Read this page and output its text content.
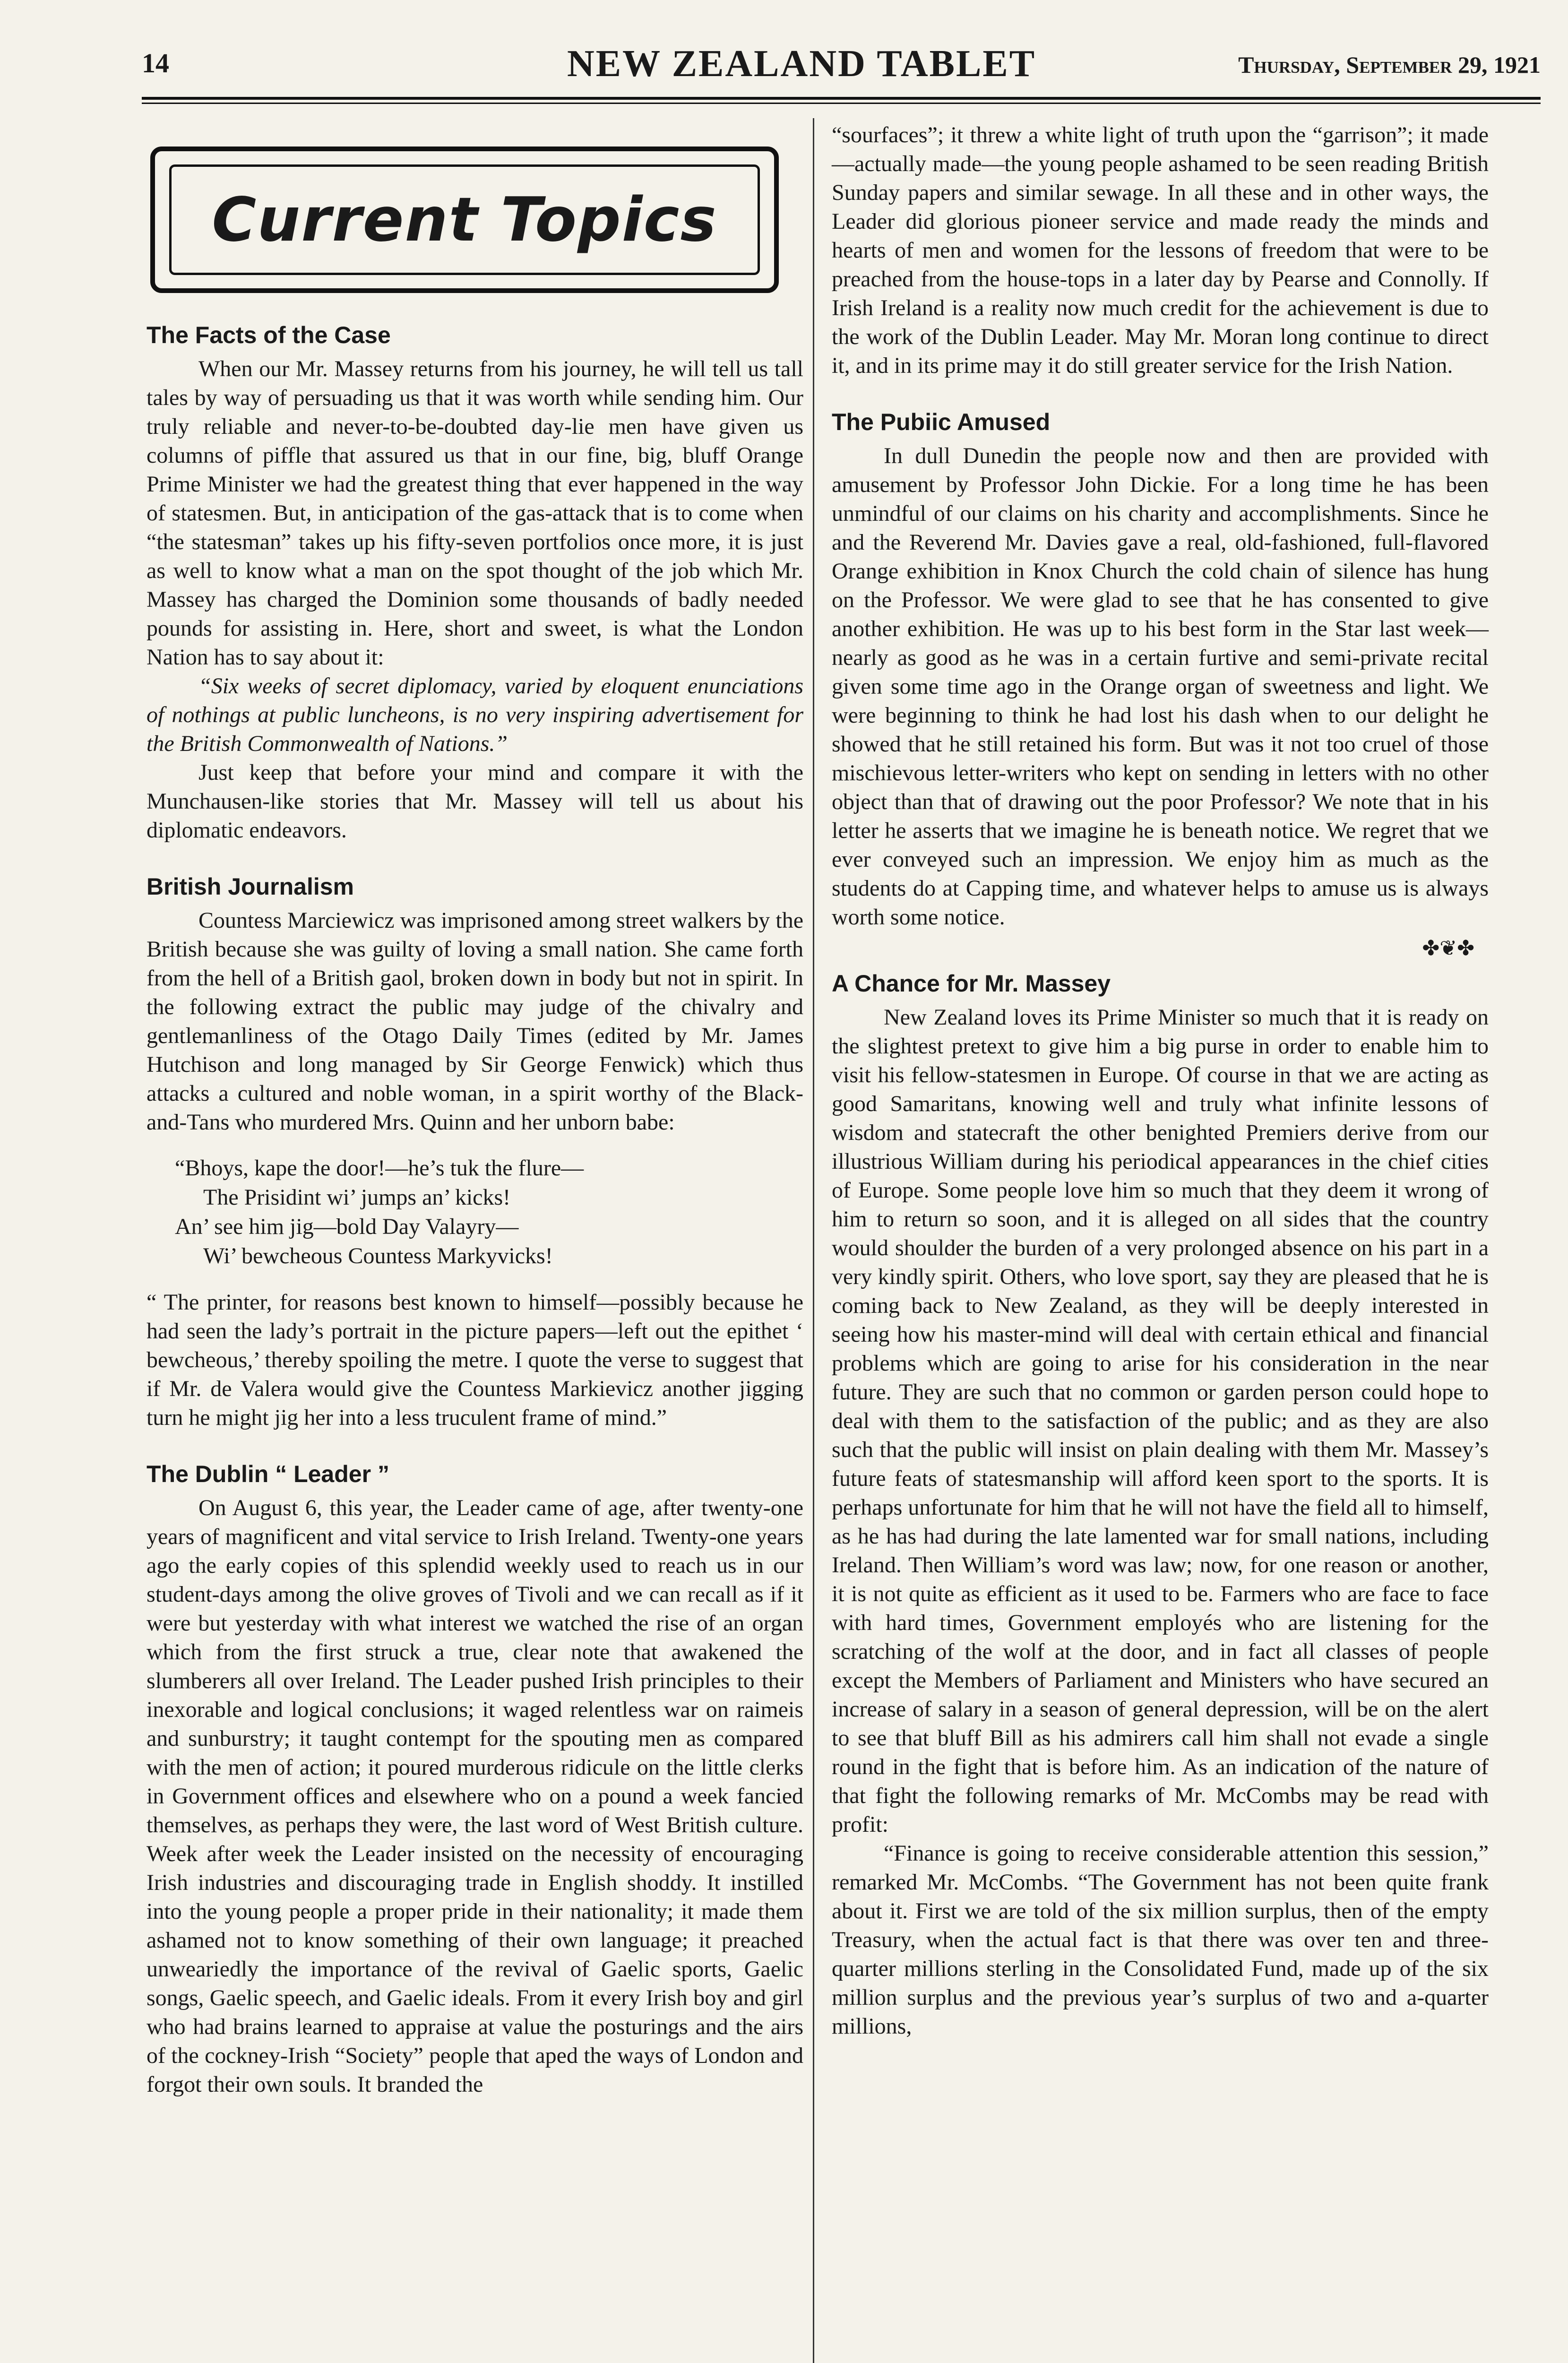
14	NEW ZEALAND TABLET	Thursday, September 29, 1921
Current Topics
The Facts of the Case

When our Mr. Massey returns from his journey, he will tell us tall tales by way of persuading us that it was worth while sending him. Our truly reliable and never-to-be-doubted day-lie men have given us columns of piffle that assured us that in our fine, big, bluff Orange Prime Minister we had the greatest thing that ever happened in the way of statesmen. But, in anticipation of the gas-attack that is to come when “the statesman” takes up his fifty-seven portfolios once more, it is just as well to know what a man on the spot thought of the job which Mr. Massey has charged the Dominion some thousands of badly needed pounds for assisting in. Here, short and sweet, is what the London Nation has to say about it:

“Six weeks of secret diplomacy, varied by eloquent enunciations of nothings at public luncheons, is no very inspiring advertisement for the British Commonwealth of Nations.”

Just keep that before your mind and compare it with the Munchausen-like stories that Mr. Massey will tell us about his diplomatic endeavors.

British Journalism

Countess Marciewicz was imprisoned among street walkers by the British because she was guilty of loving a small nation. She came forth from the hell of a British gaol, broken down in body but not in spirit. In the following extract the public may judge of the chivalry and gentlemanliness of the Otago Daily Times (edited by Mr. James Hutchison and long managed by Sir George Fenwick) which thus attacks a cultured and noble woman, in a spirit worthy of the Black-and-Tans who murdered Mrs. Quinn and her unborn babe:

“Bhoys, kape the door!—he’s tuk the flure—
The Prisidint wi’ jumps an’ kicks!
An’ see him jig—bold Day Valayry—
Wi’ bewcheous Countess Markyvicks!

“ The printer, for reasons best known to himself—possibly because he had seen the lady’s portrait in the picture papers—left out the epithet ‘ bewcheous,’ thereby spoiling the metre. I quote the verse to suggest that if Mr. de Valera would give the Countess Markievicz another jigging turn he might jig her into a less truculent frame of mind.”

The Dublin “ Leader ”

On August 6, this year, the Leader came of age, after twenty-one years of magnificent and vital service to Irish Ireland. Twenty-one years ago the early copies of this splendid weekly used to reach us in our student-days among the olive groves of Tivoli and we can recall as if it were but yesterday with what interest we watched the rise of an organ which from the first struck a true, clear note that awakened the slumberers all over Ireland. The Leader pushed Irish principles to their inexorable and logical conclusions; it waged relentless war on raimeis and sunburstry; it taught contempt for the spouting men as compared with the men of action; it poured murderous ridicule on the little clerks in Government offices and elsewhere who on a pound a week fancied themselves, as perhaps they were, the last word of West British culture. Week after week the Leader insisted on the necessity of encouraging Irish industries and discouraging trade in English shoddy. It instilled into the young people a proper pride in their nationality; it made them ashamed not to know something of their own language; it preached unweariedly the importance of the revival of Gaelic sports, Gaelic songs, Gaelic speech, and Gaelic ideals. From it every Irish boy and girl who had brains learned to appraise at value the posturings and the airs of the cockney-Irish “Society” people that aped the ways of London and forgot their own souls. It branded the

“sourfaces”; it threw a white light of truth upon the “garrison”; it made—actually made—the young people ashamed to be seen reading British Sunday papers and similar sewage. In all these and in other ways, the Leader did glorious pioneer service and made ready the minds and hearts of men and women for the lessons of freedom that were to be preached from the house-tops in a later day by Pearse and Connolly. If Irish Ireland is a reality now much credit for the achievement is due to the work of the Dublin Leader. May Mr. Moran long continue to direct it, and in its prime may it do still greater service for the Irish Nation.

The Pubiic Amused

In dull Dunedin the people now and then are provided with amusement by Professor John Dickie. For a long time he has been unmindful of our claims on his charity and accomplishments. Since he and the Reverend Mr. Davies gave a real, old-fashioned, full-flavored Orange exhibition in Knox Church the cold chain of silence has hung on the Professor. We were glad to see that he has consented to give another exhibition. He was up to his best form in the Star last week—nearly as good as he was in a certain furtive and semi-private recital given some time ago in the Orange organ of sweetness and light. We were beginning to think he had lost his dash when to our delight he showed that he still retained his form. But was it not too cruel of those mischievous letter-writers who kept on sending in letters with no other object than that of drawing out the poor Professor? We note that in his letter he asserts that we imagine he is beneath notice. We regret that we ever conveyed such an impression. We enjoy him as much as the students do at Capping time, and whatever helps to amuse us is always worth some notice.

✤❦✤
A Chance for Mr. Massey

New Zealand loves its Prime Minister so much that it is ready on the slightest pretext to give him a big purse in order to enable him to visit his fellow-statesmen in Europe. Of course in that we are acting as good Samaritans, knowing well and truly what infinite lessons of wisdom and statecraft the other benighted Premiers derive from our illustrious William during his periodical appearances in the chief cities of Europe. Some people love him so much that they deem it wrong of him to return so soon, and it is alleged on all sides that the country would shoulder the burden of a very prolonged absence on his part in a very kindly spirit. Others, who love sport, say they are pleased that he is coming back to New Zealand, as they will be deeply interested in seeing how his master-mind will deal with certain ethical and financial problems which are going to arise for his consideration in the near future. They are such that no common or garden person could hope to deal with them to the satisfaction of the public; and as they are also such that the public will insist on plain dealing with them Mr. Massey’s future feats of statesmanship will afford keen sport to the sports. It is perhaps unfortunate for him that he will not have the field all to himself, as he has had during the late lamented war for small nations, including Ireland. Then William’s word was law; now, for one reason or another, it is not quite as efficient as it used to be. Farmers who are face to face with hard times, Government employés who are listening for the scratching of the wolf at the door, and in fact all classes of people except the Members of Parliament and Ministers who have secured an increase of salary in a season of general depression, will be on the alert to see that bluff Bill as his admirers call him shall not evade a single round in the fight that is before him. As an indication of the nature of that fight the following remarks of Mr. McCombs may be read with profit:

“Finance is going to receive considerable attention this session,” remarked Mr. McCombs. “The Government has not been quite frank about it. First we are told of the six million surplus, then of the empty Treasury, when the actual fact is that there was over ten and three-quarter millions sterling in the Consolidated Fund, made up of the six million surplus and the previous year’s surplus of two and a-quarter millions,
